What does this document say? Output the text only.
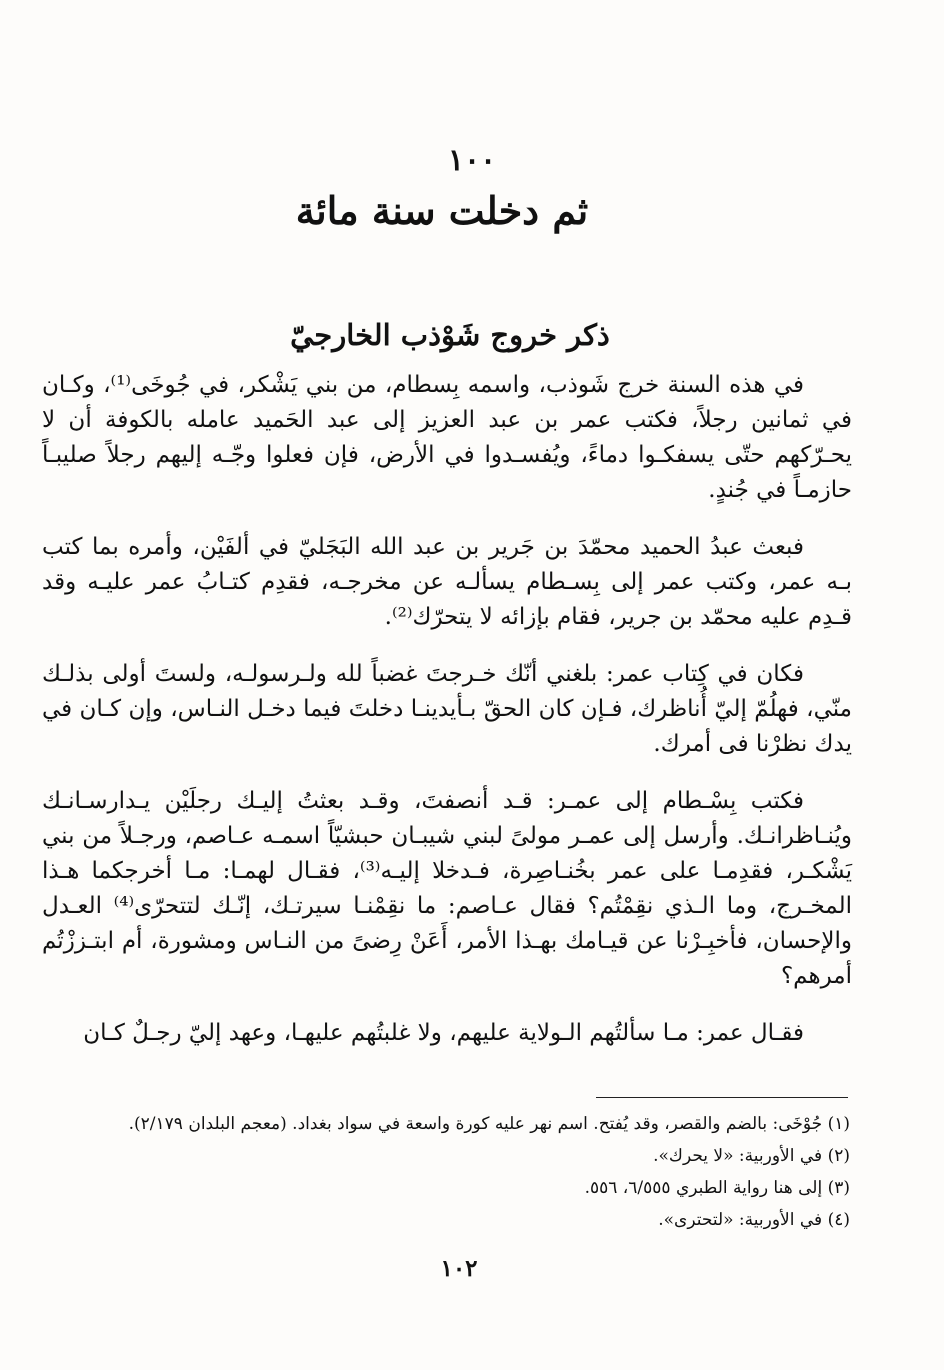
١٠٠
ثم دخلت سنة مائة
ذكر خروج شَوْذب الخارجيّ

في هذه السنة خرج شَوذب، واسمه بِسطام، من بني يَشْكر، في جُوخَى⁽¹⁾، وكـان في ثمانين رجلاً، فكتب عمر بن عبد العزيز إلى عبد الحَميد عامله بالكوفة أن لا يحـرّكهم حتّى يسفكـوا دماءً، ويُفسـدوا في الأرض، فإن فعلوا وجّـه إليهم رجلاً صليبـاً حازمـاً في جُندٍ.

فبعث عبدُ الحميد محمّدَ بن جَرير بن عبد الله البَجَليّ في ألفَيْن، وأمره بما كتب بـه عمر، وكتب عمر إلى بِسـطام يسألـه عن مخرجـه، فقدِم كتـابُ عمر عليـه وقد قـدِم عليه محمّد بن جرير، فقام بإزائه لا يتحرّك⁽²⁾.

فكان في كِتاب عمر: بلغني أنّك خـرجتَ غضباً لله ولـرسولـه، ولستَ أولى بذلـك منّي، فهلُمّ إليّ أُناظرك، فـإن كان الحقّ بـأيدينـا دخلتَ فيما دخـل النـاس، وإن كـان في يدك نظرْنا فى أمرك.

فكتب بِسْـطام إلى عمـر: قـد أنصفتَ، وقـد بعثتُ إليـك رجلَيْن يـدارسـانـك ويُنـاظرانـك. وأرسل إلى عمـر مولىً لبني شيبـان حبشيّاً اسمـه عـاصم، ورجـلاً من بني يَشْكـر، فقدِمـا على عمر بخُنـاصِرة، فـدخلا إليـه⁽³⁾، فقـال لهمـا: مـا أخرجكما هـذا المخـرج، وما الـذي نقِمْتُم؟ فقال عـاصم: ما نقِمْنـا سيرتـك، إنّـك لتتحرّى⁽⁴⁾ العـدل والإحسان، فأخبِـرْنا عن قيـامك بهـذا الأمر، أَعَنْ رِضىً من النـاس ومشورة، أم ابتـززْتُم أمرهم؟

فقـال عمر: مـا سألتُهم الـولاية عليهم، ولا غلبتُهم عليهـا، وعهد إليّ رجـلٌ كـان

(١) جُوْخَى: بالضم والقصر، وقد يُفتح. اسم نهر عليه كورة واسعة في سواد بغداد. (معجم البلدان ٢/١٧٩).
(٢) في الأوربية: «لا يحرك».
(٣) إلى هنا رواية الطبري ٦/٥٥٥، ٥٥٦.
(٤) في الأوربية: «لتحترى».
١٠٢
